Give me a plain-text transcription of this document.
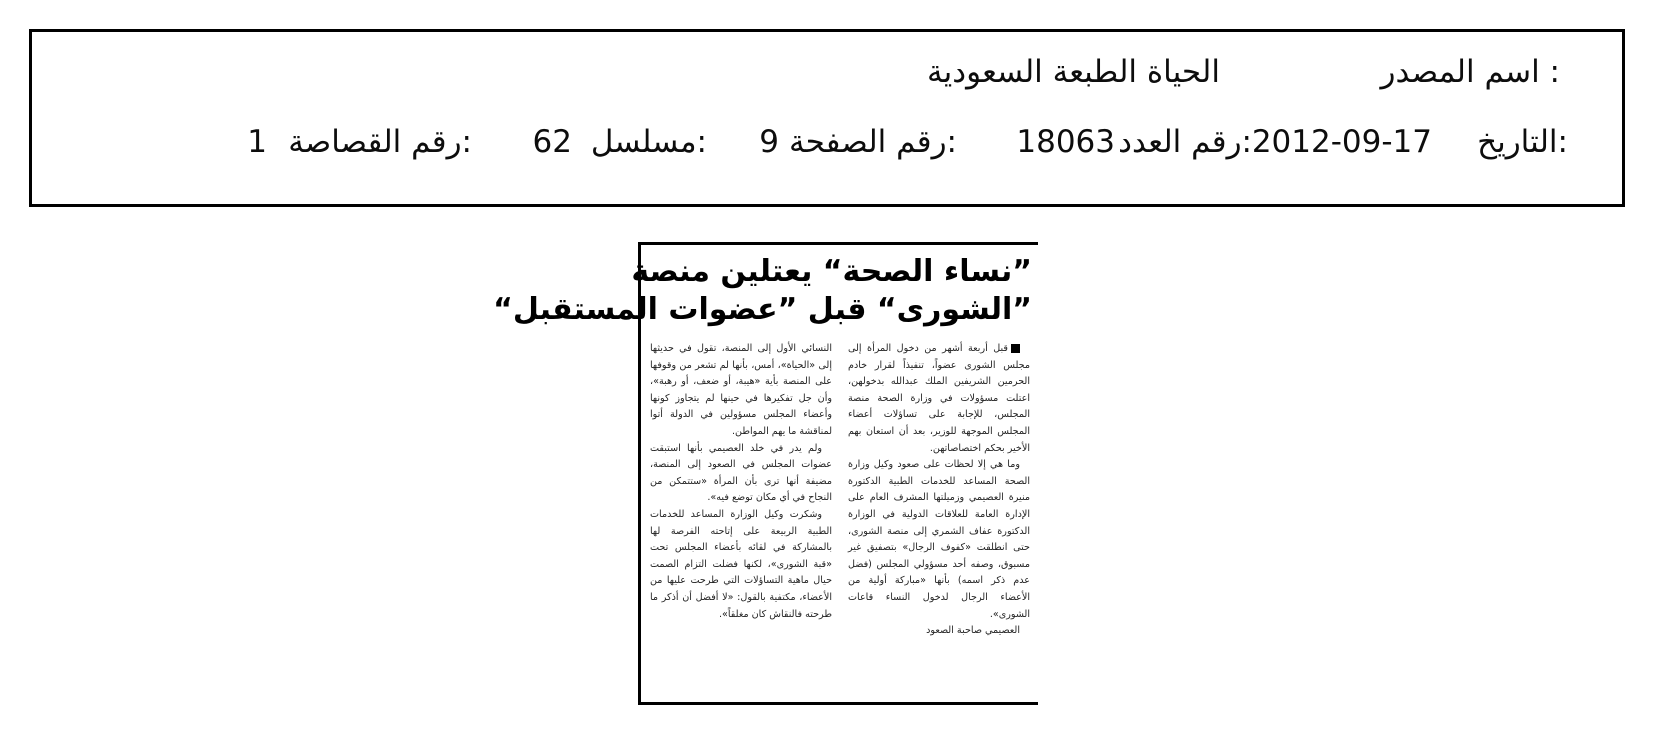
اسم المصدر :
الحياة الطبعة السعودية
التاريخ:
2012-09-17
رقم العدد:
18063
رقم الصفحة:
9
مسلسل:
62
رقم القصاصة:
1
”نساء الصحة“ يعتلين منصة
”الشورى“ قبل ”عضوات المستقبل“

قبل أربعة أشهر من دخول المرأة إلى مجلس الشورى عضواً، تنفيذاً لقرار خادم الحرمين الشريفين الملك عبدالله بدخولهن، اعتلت مسؤولات في وزارة الصحة منصة المجلس، للإجابة على تساؤلات أعضاء المجلس الموجهة للوزير، بعد أن استعان بهم الأخير بحكم اختصاصاتهن.

وما هي إلا لحظات على صعود وكيل وزارة الصحة المساعد للخدمات الطبية الدكتورة منيرة العصيمي وزميلتها المشرف العام على الإدارة العامة للعلاقات الدولية في الوزارة الدكتورة عفاف الشمري إلى منصة الشورى، حتى انطلقت «كفوف الرجال» بتصفيق غير مسبوق، وصفه أحد مسؤولي المجلس (فضل عدم ذكر اسمه) بأنها «مباركة أولية من الأعضاء الرجال لدخول النساء قاعات الشورى».

العصيمي صاحبة الصعود

النسائي الأول إلى المنصة، تقول في حديثها إلى «الحياة»، أمس، بأنها لم تشعر من وقوفها على المنصة بأية «هيبة، أو ضعف، أو رهبة»، وأن جل تفكيرها في حينها لم يتجاوز كونها وأعضاء المجلس مسؤولين في الدولة أتوا لمناقشة ما يهم المواطن.

ولم يدر في خلد العصيمي بأنها استبقت عضوات المجلس في الصعود إلى المنصة، مضيفة أنها ترى بأن المرأة «ستتمكن من النجاح في أي مكان توضع فيه».

وشكرت وكيل الوزارة المساعد للخدمات الطبية الربيعة على إتاحته الفرصة لها بالمشاركة في لقائه بأعضاء المجلس تحت «قبة الشورى»، لكنها فضلت التزام الصمت حيال ماهية التساؤلات التي طرحت عليها من الأعضاء، مكتفية بالقول: «لا أفضل أن أذكر ما طرحته فالنقاش كان مغلقاً».
